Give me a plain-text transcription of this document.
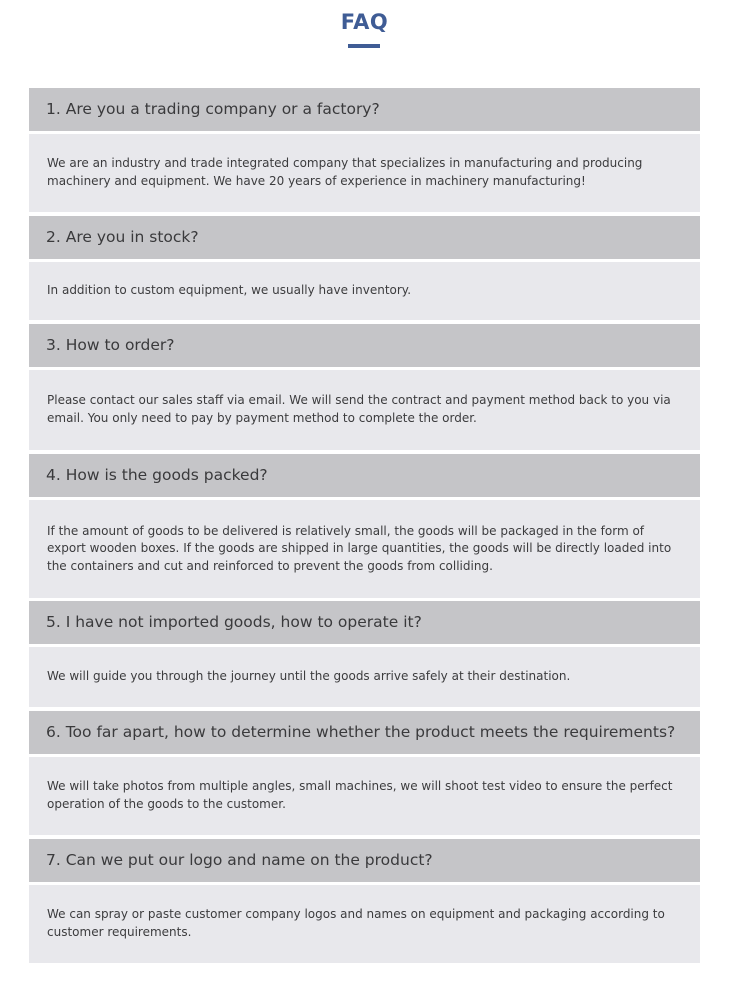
FAQ
1. Are you a trading company or a factory?
We are an industry and trade integrated company that specializes in manufacturing and producing machinery and equipment. We have 20 years of experience in machinery manufacturing!
2. Are you in stock?
In addition to custom equipment, we usually have inventory.
3. How to order?
Please contact our sales staff via email. We will send the contract and payment method back to you via email. You only need to pay by payment method to complete the order.
4. How is the goods packed?
If the amount of goods to be delivered is relatively small, the goods will be packaged in the form of export wooden boxes. If the goods are shipped in large quantities, the goods will be directly loaded into the containers and cut and reinforced to prevent the goods from colliding.
5. I have not imported goods, how to operate it?
We will guide you through the journey until the goods arrive safely at their destination.
6. Too far apart, how to determine whether the product meets the requirements?
We will take photos from multiple angles, small machines, we will shoot test video to ensure the perfect operation of the goods to the customer.
7. Can we put our logo and name on the product?
We can spray or paste customer company logos and names on equipment and packaging according to customer requirements.
